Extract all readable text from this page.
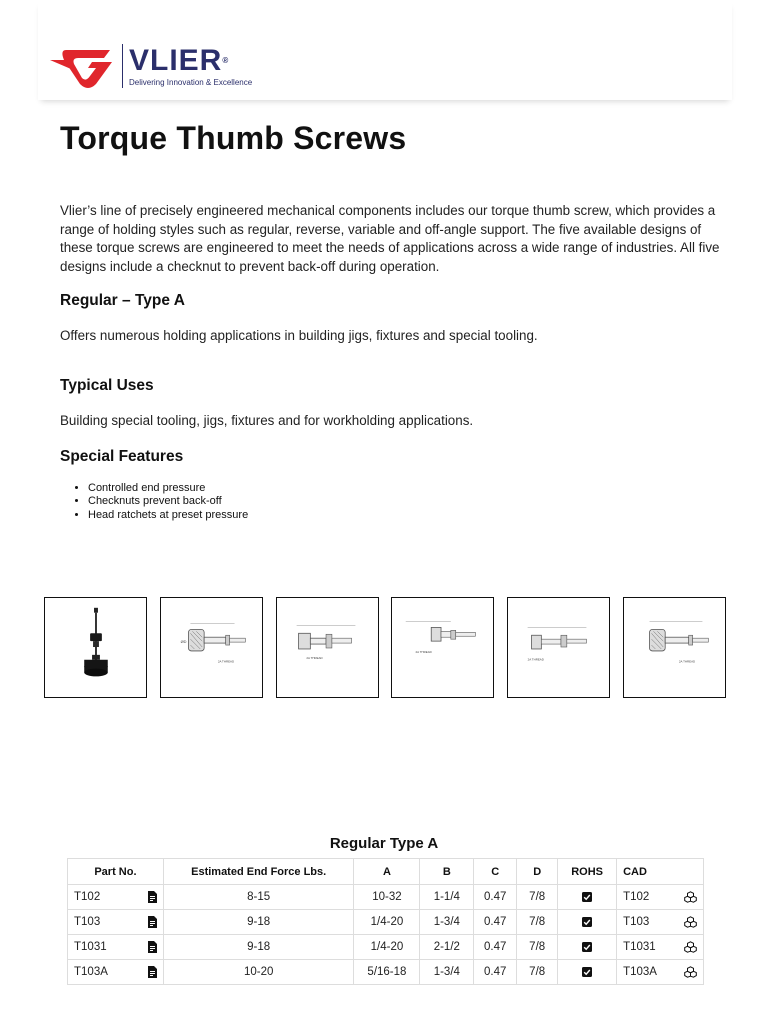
VLIER®
Delivering Innovation & Excellence
Torque Thumb Screws

Vlier’s line of precisely engineered mechanical components includes our torque thumb screw, which provides a range of holding styles such as regular, reverse, variable and off-angle support. The five available designs of these torque screws are engineered to meet the needs of applications across a wide range of industries. All five designs include a checknut to prevent back-off during operation.

Regular – Type A

Offers numerous holding applications in building jigs, fixtures and special tooling.

Typical Uses

Building special tooling, jigs, fixtures and for workholding applications.

Special Features
• Controlled end pressure
• Checknuts prevent back-off
• Head ratchets at preset pressure
ØD
2A THREAD
2A THREAD
2A THREAD
2A THREAD	2A THREAD
Regular Type A
Part No.	Estimated End Force Lbs.	A	B	C	D	ROHS	CAD
T102	8-15	10-32	1-1/4	0.47	7/8		T102

T103	9-18	1/4-20	1-3/4	0.47	7/8		T103

T1031	9-18	1/4-20	2-1/2	0.47	7/8		T1031

T103A	10-20	5/16-18	1-3/4	0.47	7/8		T103A
